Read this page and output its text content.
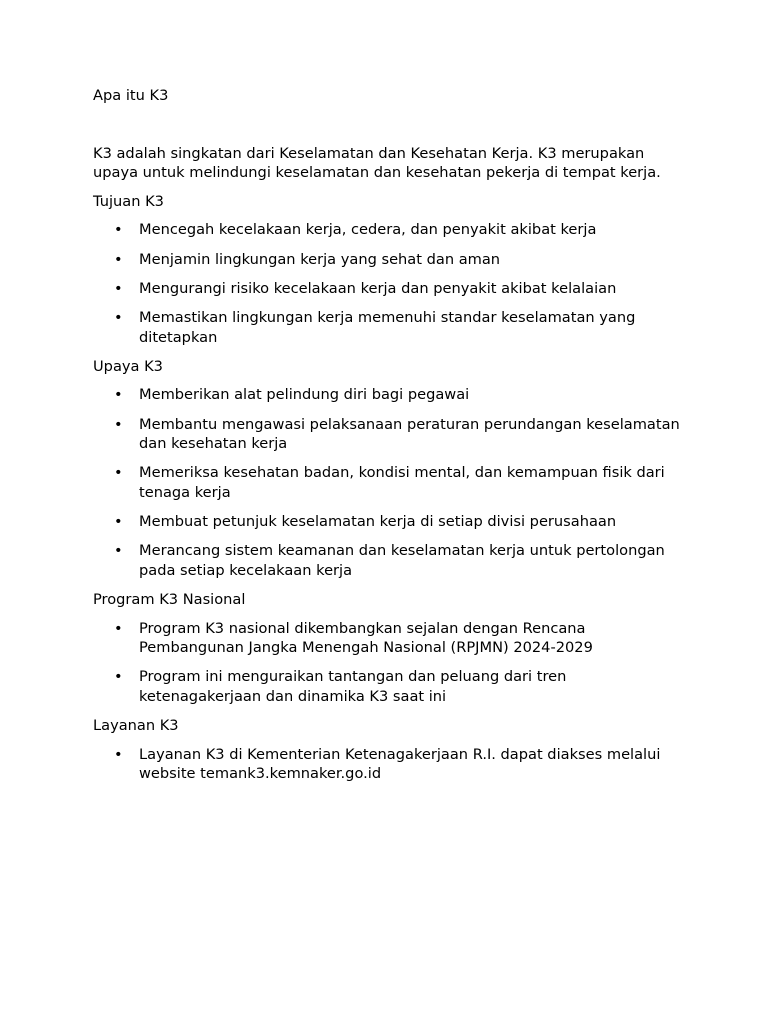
Apa itu K3

K3 adalah singkatan dari Keselamatan dan Kesehatan Kerja. K3 merupakan upaya untuk melindungi keselamatan dan kesehatan pekerja di tempat kerja.

Tujuan K3

• Mencegah kecelakaan kerja, cedera, dan penyakit akibat kerja
• Menjamin lingkungan kerja yang sehat dan aman
• Mengurangi risiko kecelakaan kerja dan penyakit akibat kelalaian
• Memastikan lingkungan kerja memenuhi standar keselamatan yang ditetapkan

Upaya K3

• Memberikan alat pelindung diri bagi pegawai
• Membantu mengawasi pelaksanaan peraturan perundangan keselamatan dan kesehatan kerja
• Memeriksa kesehatan badan, kondisi mental, dan kemampuan fisik dari tenaga kerja
• Membuat petunjuk keselamatan kerja di setiap divisi perusahaan
• Merancang sistem keamanan dan keselamatan kerja untuk pertolongan pada setiap kecelakaan kerja

Program K3 Nasional

• Program K3 nasional dikembangkan sejalan dengan Rencana Pembangunan Jangka Menengah Nasional (RPJMN) 2024-2029
• Program ini menguraikan tantangan dan peluang dari tren ketenagakerjaan dan dinamika K3 saat ini

Layanan K3

• Layanan K3 di Kementerian Ketenagakerjaan R.I. dapat diakses melalui website temank3.kemnaker.go.id
